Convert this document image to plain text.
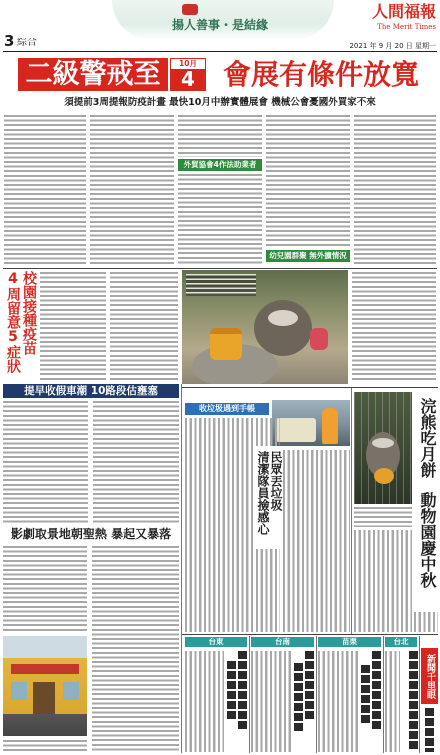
揚人善事・是結緣
3 綜合
人間福報
The Merit Times
2021 年 9 月 20 日 星期一
二級警戒至	10月
4	會展有條件放寬
須提前3周提報防疫計畫 最快10月中辦實體展會 機械公會憂國外買家不來
外貿協會4作法助業者
幼兒園群聚 無外擴情況
校園接種疫苗
4周留意5症狀
提早收假車潮 10路段估壅塞
影劇取景地朝聖熱 暴起又暴落
收垃圾遇到手帳
民眾丟垃圾
清潔隊員撿感心
浣熊吃月餅
動物園慶中秋
台東	台南	苗栗	台北
新聞千里眼
